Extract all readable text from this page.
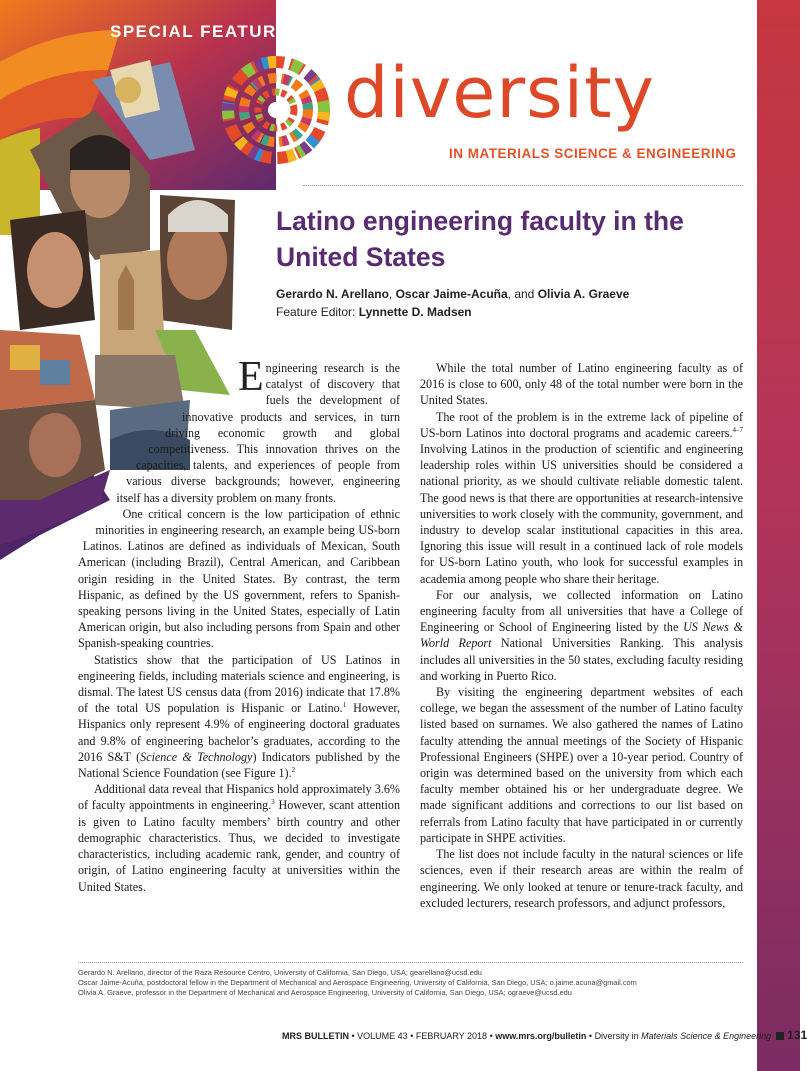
SPECIAL FEATURE
diversity
IN MATERIALS SCIENCE & ENGINEERING
Latino engineering faculty in the United States
Gerardo N. Arellano, Oscar Jaime-Acuña, and Olivia A. Graeve
Feature Editor: Lynnette D. Madsen

Engineering research is the catalyst of discovery that fuels the development of innovative products and services, in turn driving economic growth and global competitiveness. This innovation thrives on the capacities, talents, and experiences of people from various diverse backgrounds; however, engineering itself has a diversity problem on many fronts.

One critical concern is the low participation of ethnic minorities in engineering research, an example being US-born Latinos. Latinos are defined as individuals of Mexican, South American (including Brazil), Central American, and Caribbean origin residing in the United States. By contrast, the term Hispanic, as defined by the US government, refers to Spanish-speaking persons living in the United States, especially of Latin American origin, but also including persons from Spain and other Spanish-speaking countries.

Statistics show that the participation of US Latinos in engineering fields, including materials science and engineering, is dismal. The latest US census data (from 2016) indicate that 17.8% of the total US population is Hispanic or Latino.$^1$ However, Hispanics only represent 4.9% of engineering doctoral graduates and 9.8% of engineering bachelor’s graduates, according to the 2016 S&T (Science & Technology) Indicators published by the National Science Foundation (see Figure 1).$^2$

Additional data reveal that Hispanics hold approximately 3.6% of faculty appointments in engineering.$^3$ However, scant attention is given to Latino faculty members’ birth country and other demographic characteristics. Thus, we decided to investigate characteristics, including academic rank, gender, and country of origin, of Latino engineering faculty at universities within the United States.

While the total number of Latino engineering faculty as of 2016 is close to 600, only 48 of the total number were born in the United States.

The root of the problem is in the extreme lack of pipeline of US-born Latinos into doctoral programs and academic careers.$^{4-7}$ Involving Latinos in the production of scientific and engineering leadership roles within US universities should be considered a national priority, as we should cultivate reliable domestic talent. The good news is that there are opportunities at research-intensive universities to work closely with the community, government, and industry to develop scalar institutional capacities in this area. Ignoring this issue will result in a continued lack of role models for US-born Latino youth, who look for successful examples in academia among people who share their heritage.

For our analysis, we collected information on Latino engineering faculty from all universities that have a College of Engineering or School of Engineering listed by the US News & World Report National Universities Ranking. This analysis includes all universities in the 50 states, excluding faculty residing and working in Puerto Rico.

By visiting the engineering department websites of each college, we began the assessment of the number of Latino faculty listed based on surnames. We also gathered the names of Latino faculty attending the annual meetings of the Society of Hispanic Professional Engineers (SHPE) over a 10-year period. Country of origin was determined based on the university from which each faculty member obtained his or her undergraduate degree. We made significant additions and corrections to our list based on referrals from Latino faculty that have participated in or currently participate in SHPE activities.

The list does not include faculty in the natural sciences or life sciences, even if their research areas are within the realm of engineering. We only looked at tenure or tenure-track faculty, and excluded lecturers, research professors, and adjunct professors,

Gerardo N. Arellano, director of the Raza Resource Centro, University of California, San Diego, USA; gearellano@ucsd.edu
Oscar Jaime-Acuña, postdoctoral fellow in the Department of Mechanical and Aerospace Engineering, University of California, San Diego, USA; o.jaime.acuna@gmail.com
Olivia A. Graeve, professor in the Department of Mechanical and Aerospace Engineering, University of California, San Diego, USA; ograeve@ucsd.edu
MRS BULLETIN • VOLUME 43 • FEBRUARY 2018 • www.mrs.org/bulletin • Diversity in Materials Science & Engineering 131
